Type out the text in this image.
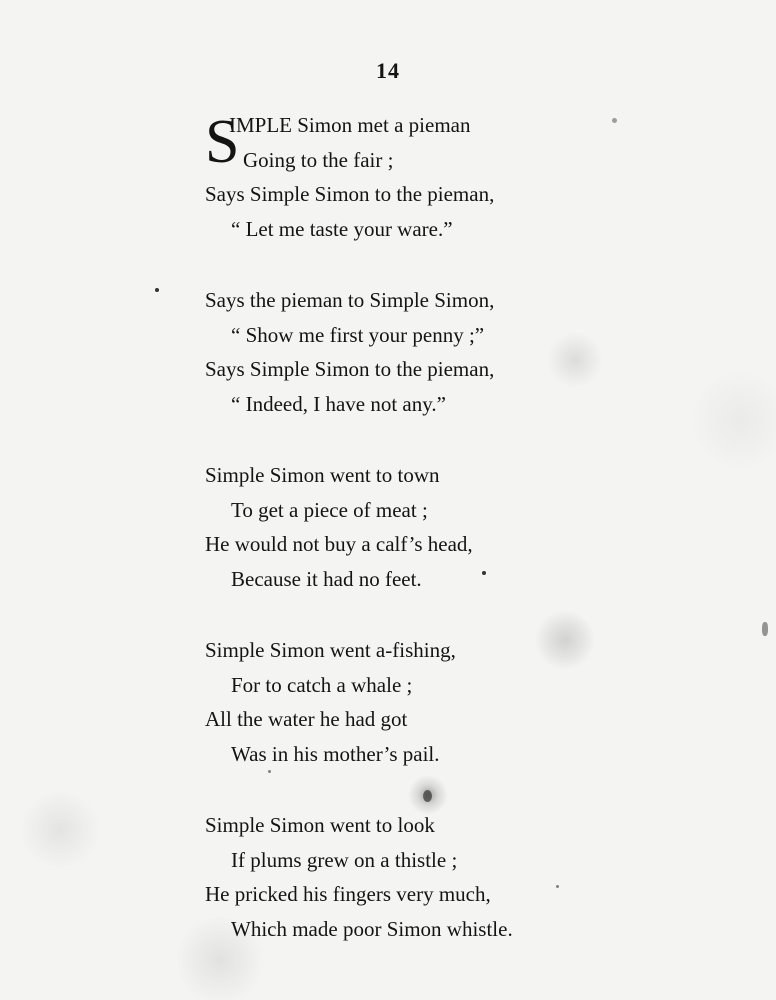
14
S
IMPLE Simon met a pieman
Going to the fair ;
Says Simple Simon to the pieman,
“ Let me taste your ware.”
Says the pieman to Simple Simon,
“ Show me first your penny ;”
Says Simple Simon to the pieman,
“ Indeed, I have not any.”
Simple Simon went to town
To get a piece of meat ;
He would not buy a calf’s head,
Because it had no feet.
Simple Simon went a-fishing,
For to catch a whale ;
All the water he had got
Was in his mother’s pail.
Simple Simon went to look
If plums grew on a thistle ;
He pricked his fingers very much,
Which made poor Simon whistle.
